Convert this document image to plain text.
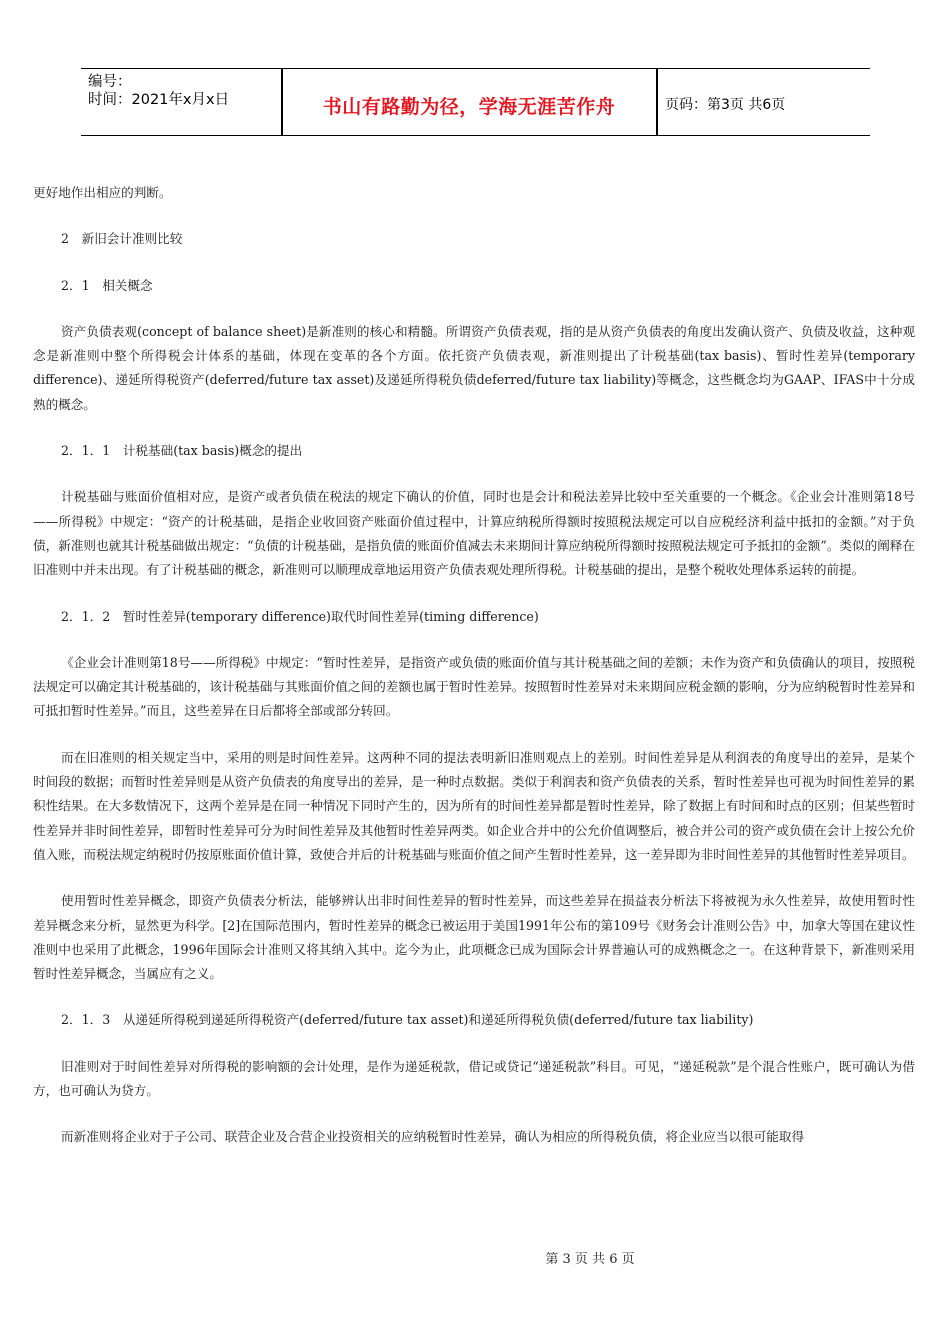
编号：
时间：2021年x月x日	书山有路勤为径，学海无涯苦作舟	页码：第3页 共6页

更好地作出相应的判断。

2　新旧会计准则比较

2．1　相关概念

资产负债表观(concept of balance sheet)是新准则的核心和精髓。所谓资产负债表观，指的是从资产负债表的角度出发确认资产、负债及收益，这种观念是新准则中整个所得税会计体系的基础，体现在变革的各个方面。依托资产负债表观，新准则提出了计税基础(tax basis)、暂时性差异(temporary difference)、递延所得税资产(deferred/future tax asset)及递延所得税负债deferred/future tax liability)等概念，这些概念均为GAAP、IFAS中十分成熟的概念。

2．1．1　计税基础(tax basis)概念的提出

计税基础与账面价值相对应，是资产或者负债在税法的规定下确认的价值，同时也是会计和税法差异比较中至关重要的一个概念。《企业会计准则第18号——所得税》中规定：“资产的计税基础，是指企业收回资产账面价值过程中，计算应纳税所得额时按照税法规定可以自应税经济利益中抵扣的金额。”对于负债，新准则也就其计税基础做出规定：“负债的计税基础，是指负债的账面价值减去未来期间计算应纳税所得额时按照税法规定可予抵扣的金额”。类似的阐释在旧准则中并未出现。有了计税基础的概念，新准则可以顺理成章地运用资产负债表观处理所得税。计税基础的提出，是整个税收处理体系运转的前提。

2．1．2　暂时性差异(temporary difference)取代时间性差异(timing difference)

《企业会计准则第18号——所得税》中规定：“暂时性差异，是指资产或负债的账面价值与其计税基础之间的差额；未作为资产和负债确认的项目，按照税法规定可以确定其计税基础的，该计税基础与其账面价值之间的差额也属于暂时性差异。按照暂时性差异对未来期间应税金额的影响，分为应纳税暂时性差异和可抵扣暂时性差异。”而且，这些差异在日后都将全部或部分转回。

而在旧准则的相关规定当中，采用的则是时间性差异。这两种不同的提法表明新旧准则观点上的差别。时间性差异是从利润表的角度导出的差异，是某个时间段的数据；而暂时性差异则是从资产负债表的角度导出的差异，是一种时点数据。类似于利润表和资产负债表的关系，暂时性差异也可视为时间性差异的累积性结果。在大多数情况下，这两个差异是在同一种情况下同时产生的，因为所有的时间性差异都是暂时性差异，除了数据上有时间和时点的区别；但某些暂时性差异并非时间性差异，即暂时性差异可分为时间性差异及其他暂时性差异两类。如企业合并中的公允价值调整后，被合并公司的资产或负债在会计上按公允价值入账，而税法规定纳税时仍按原账面价值计算，致使合并后的计税基础与账面价值之间产生暂时性差异，这一差异即为非时间性差异的其他暂时性差异项目。

使用暂时性差异概念，即资产负债表分析法，能够辨认出非时间性差异的暂时性差异，而这些差异在损益表分析法下将被视为永久性差异，故使用暂时性差异概念来分析，显然更为科学。[2]在国际范围内，暂时性差异的概念已被运用于美国1991年公布的第109号《财务会计准则公告》中，加拿大等国在建议性准则中也采用了此概念，1996年国际会计准则又将其纳入其中。迄今为止，此项概念已成为国际会计界普遍认可的成熟概念之一。在这种背景下，新准则采用暂时性差异概念，当属应有之义。

2．1．3　从递延所得税到递延所得税资产(deferred/future tax asset)和递延所得税负债(deferred/future tax liability)

旧准则对于时间性差异对所得税的影响额的会计处理，是作为递延税款，借记或贷记“递延税款”科目。可见，“递延税款”是个混合性账户，既可确认为借方，也可确认为贷方。

而新准则将企业对于子公司、联营企业及合营企业投资相关的应纳税暂时性差异，确认为相应的所得税负债，将企业应当以很可能取得

第 3 页 共 6 页
